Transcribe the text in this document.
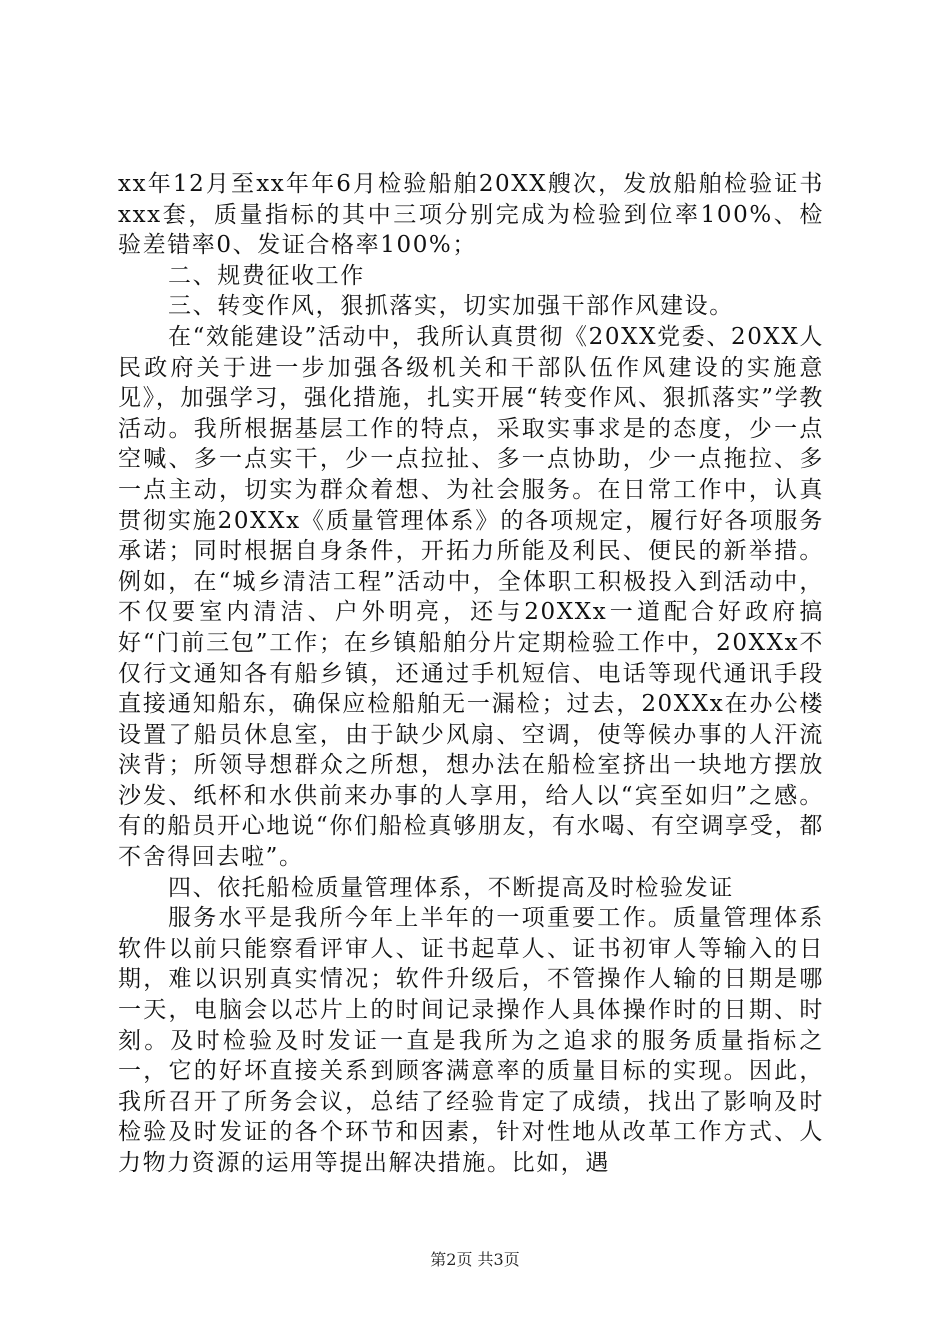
xx年12月至xx年年6月检验船舶20XX艘次，发放船舶检验证书xxx套，质量指标的其中三项分别完成为检验到位率100%、检验差错率0、发证合格率100%；

二、规费征收工作

三、转变作风，狠抓落实，切实加强干部作风建设。

在“效能建设”活动中，我所认真贯彻《20XX党委、20XX人民政府关于进一步加强各级机关和干部队伍作风建设的实施意见》，加强学习，强化措施，扎实开展“转变作风、狠抓落实”学教活动。我所根据基层工作的特点，采取实事求是的态度，少一点空喊、多一点实干，少一点拉扯、多一点协助，少一点拖拉、多一点主动，切实为群众着想、为社会服务。在日常工作中，认真贯彻实施20XXx《质量管理体系》的各项规定，履行好各项服务承诺；同时根据自身条件，开拓力所能及利民、便民的新举措。例如，在“城乡清洁工程”活动中，全体职工积极投入到活动中，不仅要室内清洁、户外明亮，还与20XXx一道配合好政府搞好“门前三包”工作；在乡镇船舶分片定期检验工作中，20XXx不仅行文通知各有船乡镇，还通过手机短信、电话等现代通讯手段直接通知船东，确保应检船舶无一漏检；过去，20XXx在办公楼设置了船员休息室，由于缺少风扇、空调，使等候办事的人汗流浃背；所领导想群众之所想，想办法在船检室挤出一块地方摆放沙发、纸杯和水供前来办事的人享用，给人以“宾至如归”之感。有的船员开心地说“你们船检真够朋友，有水喝、有空调享受，都不舍得回去啦”。

四、依托船检质量管理体系，不断提高及时检验发证

服务水平是我所今年上半年的一项重要工作。质量管理体系软件以前只能察看评审人、证书起草人、证书初审人等输入的日期，难以识别真实情况；软件升级后，不管操作人输的日期是哪一天，电脑会以芯片上的时间记录操作人具体操作时的日期、时刻。及时检验及时发证一直是我所为之追求的服务质量指标之一，它的好坏直接关系到顾客满意率的质量目标的实现。因此，我所召开了所务会议，总结了经验肯定了成绩，找出了影响及时检验及时发证的各个环节和因素，针对性地从改革工作方式、人力物力资源的运用等提出解决措施。比如，遇

第2页 共3页
